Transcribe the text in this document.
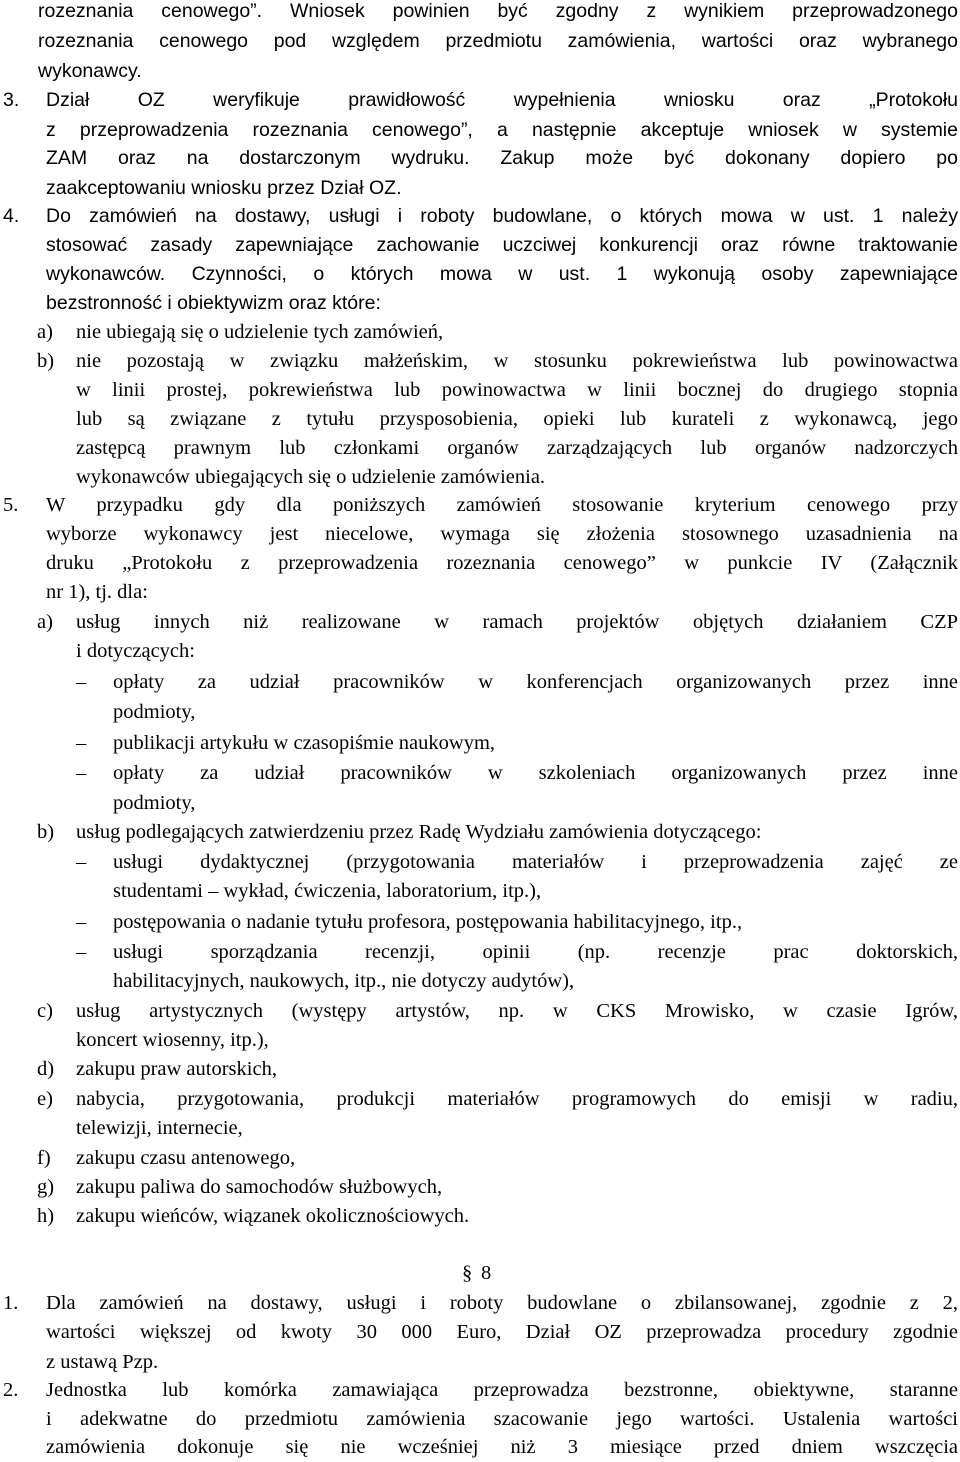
rozeznania cenowego”. Wniosek powinien być zgodny z wynikiem przeprowadzonego
rozeznania cenowego pod względem przedmiotu zamówienia, wartości oraz wybranego
wykonawcy.
3. Dział OZ weryfikuje prawidłowość wypełnienia wniosku oraz „Protokołu
z przeprowadzenia rozeznania cenowego”, a następnie akceptuje wniosek w systemie
ZAM oraz na dostarczonym wydruku. Zakup może być dokonany dopiero po
zaakceptowaniu wniosku przez Dział OZ.
4. Do zamówień na dostawy, usługi i roboty budowlane, o których mowa w ust. 1 należy
stosować zasady zapewniające zachowanie uczciwej konkurencji oraz równe traktowanie
wykonawców. Czynności, o których mowa w ust. 1 wykonują osoby zapewniające
bezstronność i obiektywizm oraz które:
a) nie ubiegają się o udzielenie tych zamówień,
b) nie pozostają w związku małżeńskim, w stosunku pokrewieństwa lub powinowactwa
w linii prostej, pokrewieństwa lub powinowactwa w linii bocznej do drugiego stopnia
lub są związane z tytułu przysposobienia, opieki lub kurateli z wykonawcą, jego
zastępcą prawnym lub członkami organów zarządzających lub organów nadzorczych
wykonawców ubiegających się o udzielenie zamówienia.
5. W przypadku gdy dla poniższych zamówień stosowanie kryterium cenowego przy
wyborze wykonawcy jest niecelowe, wymaga się złożenia stosownego uzasadnienia na
druku „Protokołu z przeprowadzenia rozeznania cenowego” w punkcie IV (Załącznik
nr 1), tj. dla:
a) usług innych niż realizowane w ramach projektów objętych działaniem CZP
i dotyczących:
– opłaty za udział pracowników w konferencjach organizowanych przez inne
podmioty,
– publikacji artykułu w czasopiśmie naukowym,
– opłaty za udział pracowników w szkoleniach organizowanych przez inne
podmioty,
b) usług podlegających zatwierdzeniu przez Radę Wydziału zamówienia dotyczącego:
– usługi dydaktycznej (przygotowania materiałów i przeprowadzenia zajęć ze
studentami – wykład, ćwiczenia, laboratorium, itp.),
– postępowania o nadanie tytułu profesora, postępowania habilitacyjnego, itp.,
– usługi sporządzania recenzji, opinii (np. recenzje prac doktorskich,
habilitacyjnych, naukowych, itp., nie dotyczy audytów),
c) usług artystycznych (występy artystów, np. w CKS Mrowisko, w czasie Igrów,
koncert wiosenny, itp.),
d) zakupu praw autorskich,
e) nabycia, przygotowania, produkcji materiałów programowych do emisji w radiu,
telewizji, internecie,
f) zakupu czasu antenowego,
g) zakupu paliwa do samochodów służbowych,
h) zakupu wieńców, wiązanek okolicznościowych.
1. Dla zamówień na dostawy, usługi i roboty budowlane o zbilansowanej, zgodnie z 2,
wartości większej od kwoty 30 000 Euro, Dział OZ przeprowadza procedury zgodnie
z ustawą Pzp.
2. Jednostka lub komórka zamawiająca przeprowadza bezstronne, obiektywne, staranne
i adekwatne do przedmiotu zamówienia szacowanie jego wartości. Ustalenia wartości
zamówienia dokonuje się nie wcześniej niż 3 miesiące przed dniem wszczęcia
§ 8
